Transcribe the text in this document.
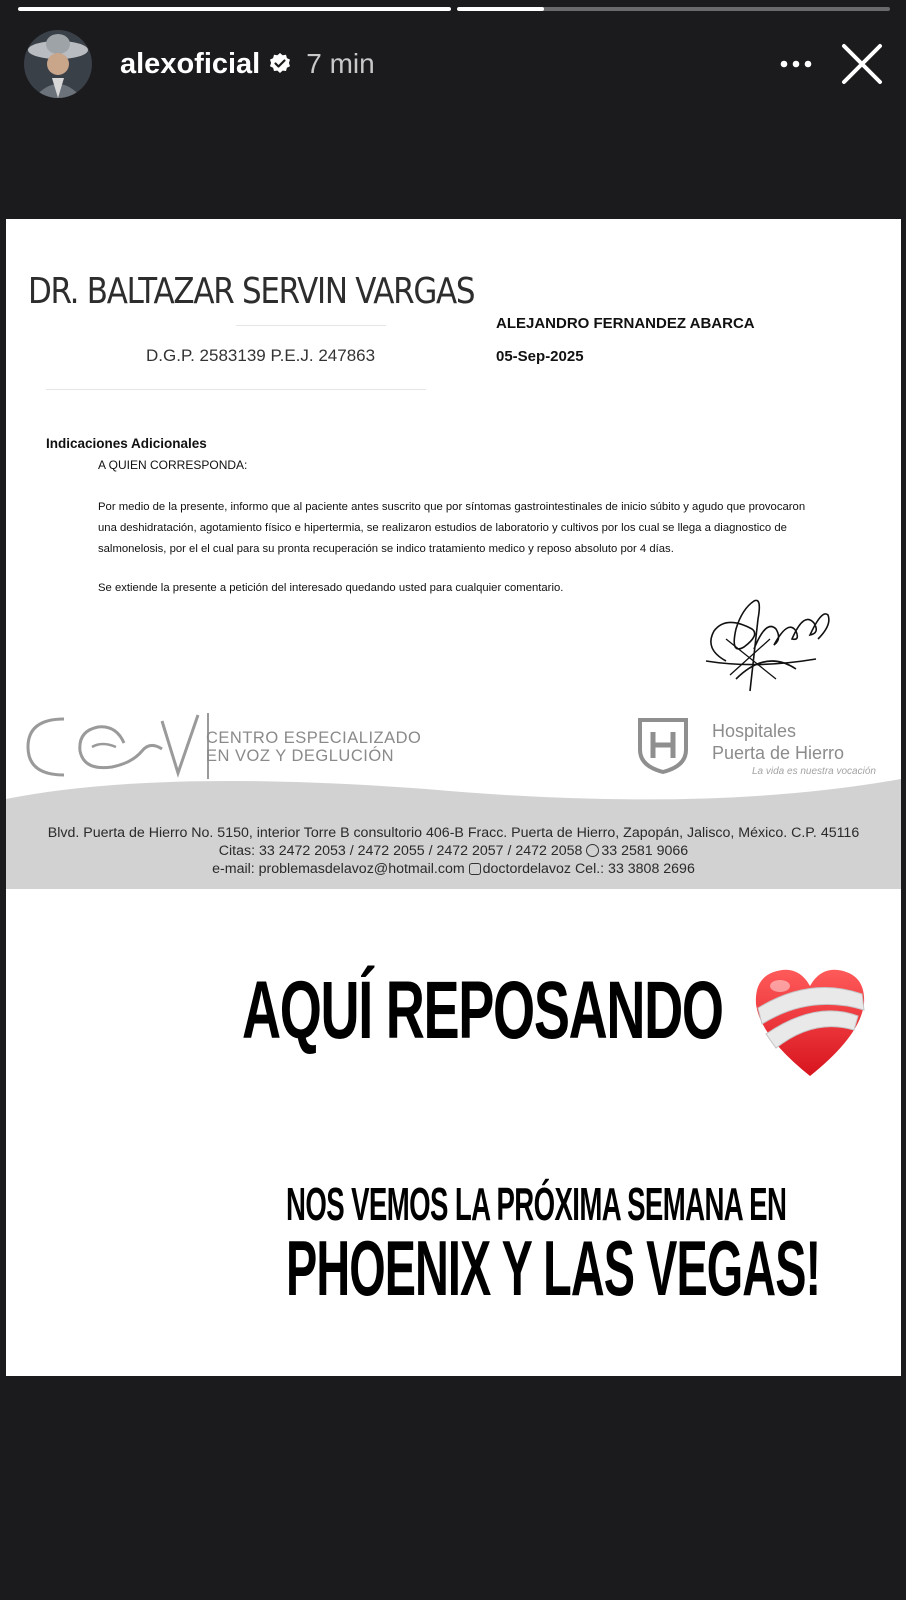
alexoficial 7 min
DR. BALTAZAR SERVIN VARGAS
D.G.P. 2583139 P.E.J. 247863
ALEJANDRO FERNANDEZ ABARCA
05-Sep-2025
Indicaciones Adicionales
A QUIEN CORRESPONDA:
Por medio de la presente, informo que al paciente antes suscrito que por síntomas gastrointestinales de inicio súbito y agudo que provocaron
una deshidratación, agotamiento físico e hipertermia, se realizaron estudios de laboratorio y cultivos por los cual se llega a diagnostico de
salmonelosis, por el el cual para su pronta recuperación se indico tratamiento medico y reposo absoluto por 4 días.
Se extiende la presente a petición del interesado quedando usted para cualquier comentario.
CeV
CENTRO ESPECIALIZADO
EN VOZ Y DEGLUCIÓN
Hospitales
Puerta de Hierro
La vida es nuestra vocación
Blvd. Puerta de Hierro No. 5150, interior Torre B consultorio 406-B Fracc. Puerta de Hierro, Zapopán, Jalisco, México. C.P. 45116
Citas: 33 2472 2053 / 2472 2055 / 2472 2057 / 2472 2058 33 2581 9066
e-mail: problemasdelavoz@hotmail.com doctordelavoz Cel.: 33 3808 2696
AQUÍ REPOSANDO
NOS VEMOS LA PRÓXIMA SEMANA EN
PHOENIX Y LAS VEGAS!
